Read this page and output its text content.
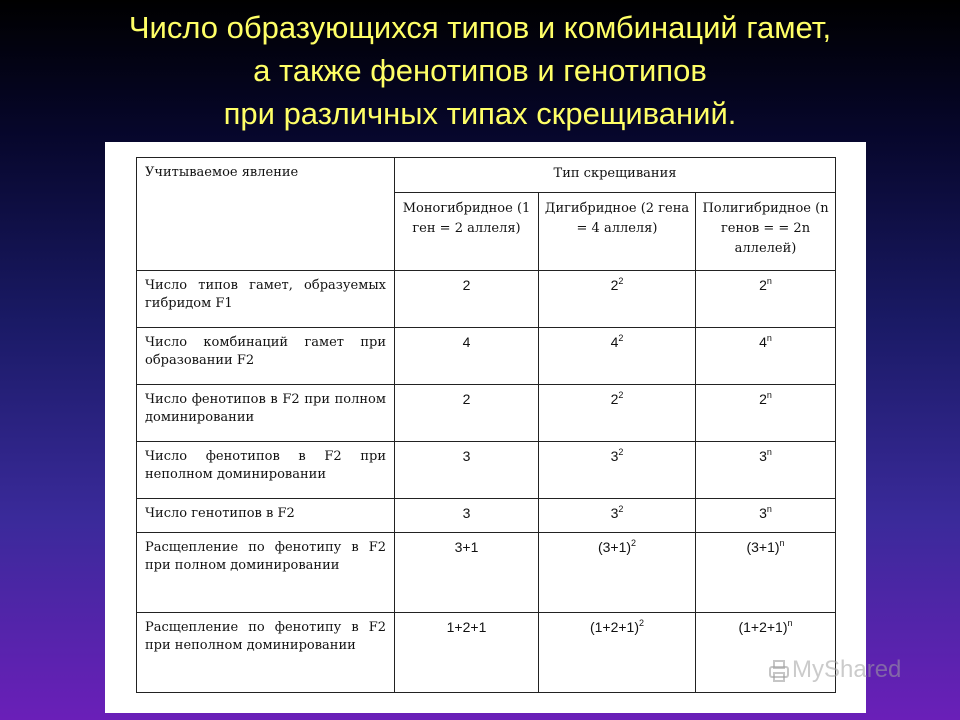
Число образующихся типов и комбинаций гамет,
а также фенотипов и генотипов
при различных типах скрещиваний.
Учитываемое явление	Тип скрещивания		

	Моногибридное (1 ген = 2 аллеля)	Дигибридное (2 гена = 4 аллеля)	Полигибридное (n генов = = 2n аллелей)

Число типов гамет, образуемых гибридом F1	2	$2^2$	2$^n$

Число комбинаций гамет при образовании F2	4	$4^2$	4$^n$

Число фенотипов в F2 при полном доминировании	2	$2^2$	2$^n$

Число фенотипов в F2 при неполном доминировании	3	$3^2$	3$^n$

Число генотипов в F2	3	$3^2$	3$^n$

Расщепление по фенотипу в F2 при полном доминировании	3+1	$(3+1)^2$	$(3+1)^n$

Расщепление по фенотипу в F2 при неполном доминировании	1+2+1	$(1+2+1)^2$	$(1+2+1)^n$
MyShared
